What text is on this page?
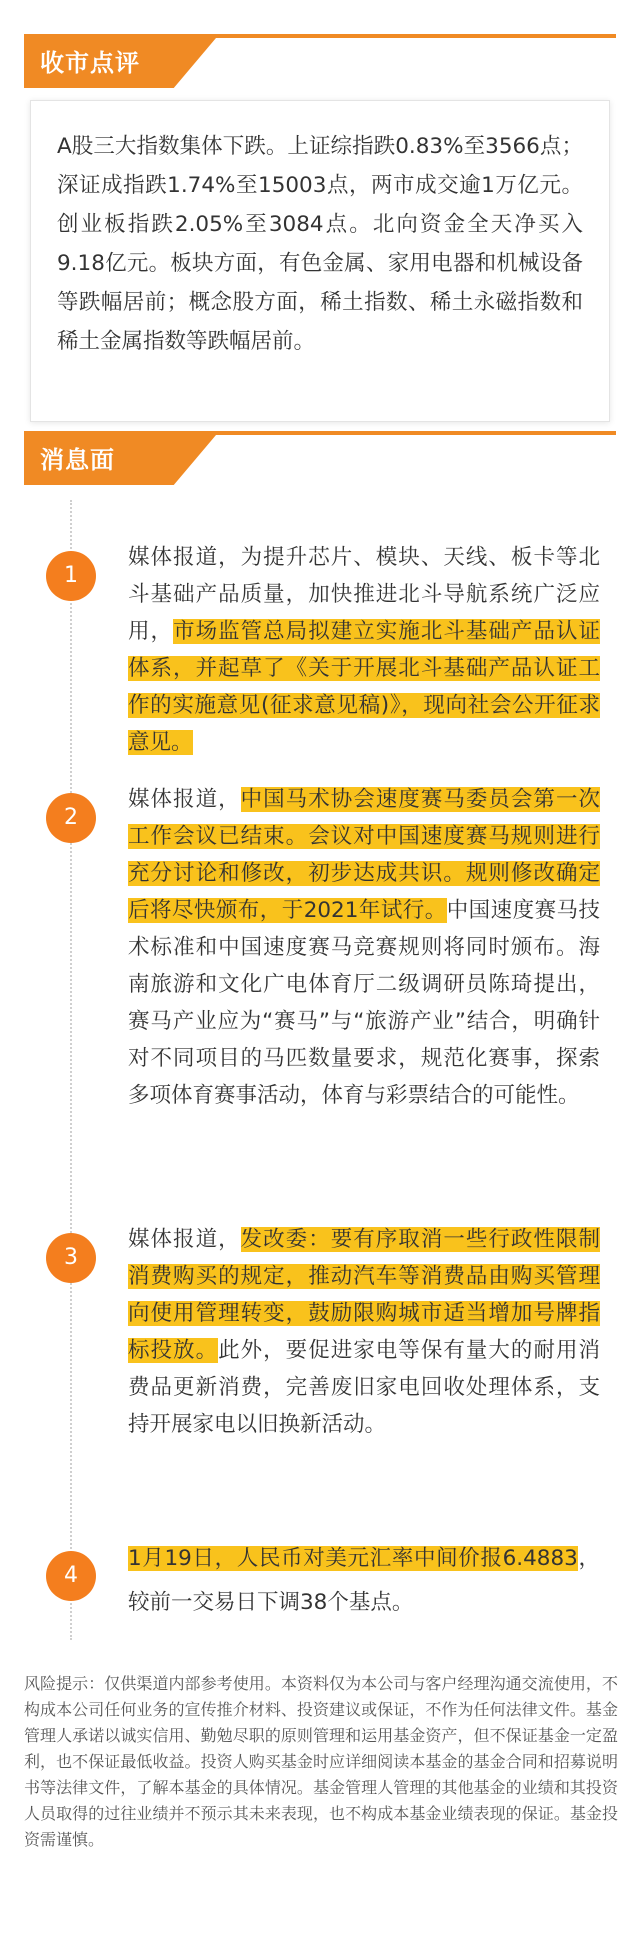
收市点评

A股三大指数集体下跌。上证综指跌0.83%至3566点；深证成指跌1.74%至15003点，两市成交逾1万亿元。创业板指跌2.05%至3084点。北向资金全天净买入9.18亿元。板块方面，有色金属、家用电器和机械设备等跌幅居前；概念股方面，稀土指数、稀土永磁指数和稀土金属指数等跌幅居前。

消息面
1

媒体报道，为提升芯片、模块、天线、板卡等北斗基础产品质量，加快推进北斗导航系统广泛应用，市场监管总局拟建立实施北斗基础产品认证体系，并起草了《关于开展北斗基础产品认证工作的实施意见(征求意见稿)》，现向社会公开征求意见。

2

媒体报道，中国马术协会速度赛马委员会第一次工作会议已结束。会议对中国速度赛马规则进行充分讨论和修改，初步达成共识。规则修改确定后将尽快颁布，于2021年试行。中国速度赛马技术标准和中国速度赛马竞赛规则将同时颁布。海南旅游和文化广电体育厅二级调研员陈琦提出，赛马产业应为“赛马”与“旅游产业”结合，明确针对不同项目的马匹数量要求，规范化赛事，探索多项体育赛事活动，体育与彩票结合的可能性。

3

媒体报道，发改委：要有序取消一些行政性限制消费购买的规定，推动汽车等消费品由购买管理向使用管理转变，鼓励限购城市适当增加号牌指标投放。此外，要促进家电等保有量大的耐用消费品更新消费，完善废旧家电回收处理体系，支持开展家电以旧换新活动。

4

1月19日，人民币对美元汇率中间价报6.4883，较前一交易日下调38个基点。

风险提示：仅供渠道内部参考使用。本资料仅为本公司与客户经理沟通交流使用，不构成本公司任何业务的宣传推介材料、投资建议或保证，不作为任何法律文件。基金管理人承诺以诚实信用、勤勉尽职的原则管理和运用基金资产，但不保证基金一定盈利，也不保证最低收益。投资人购买基金时应详细阅读本基金的基金合同和招募说明书等法律文件，了解本基金的具体情况。基金管理人管理的其他基金的业绩和其投资人员取得的过往业绩并不预示其未来表现，也不构成本基金业绩表现的保证。基金投资需谨慎。
